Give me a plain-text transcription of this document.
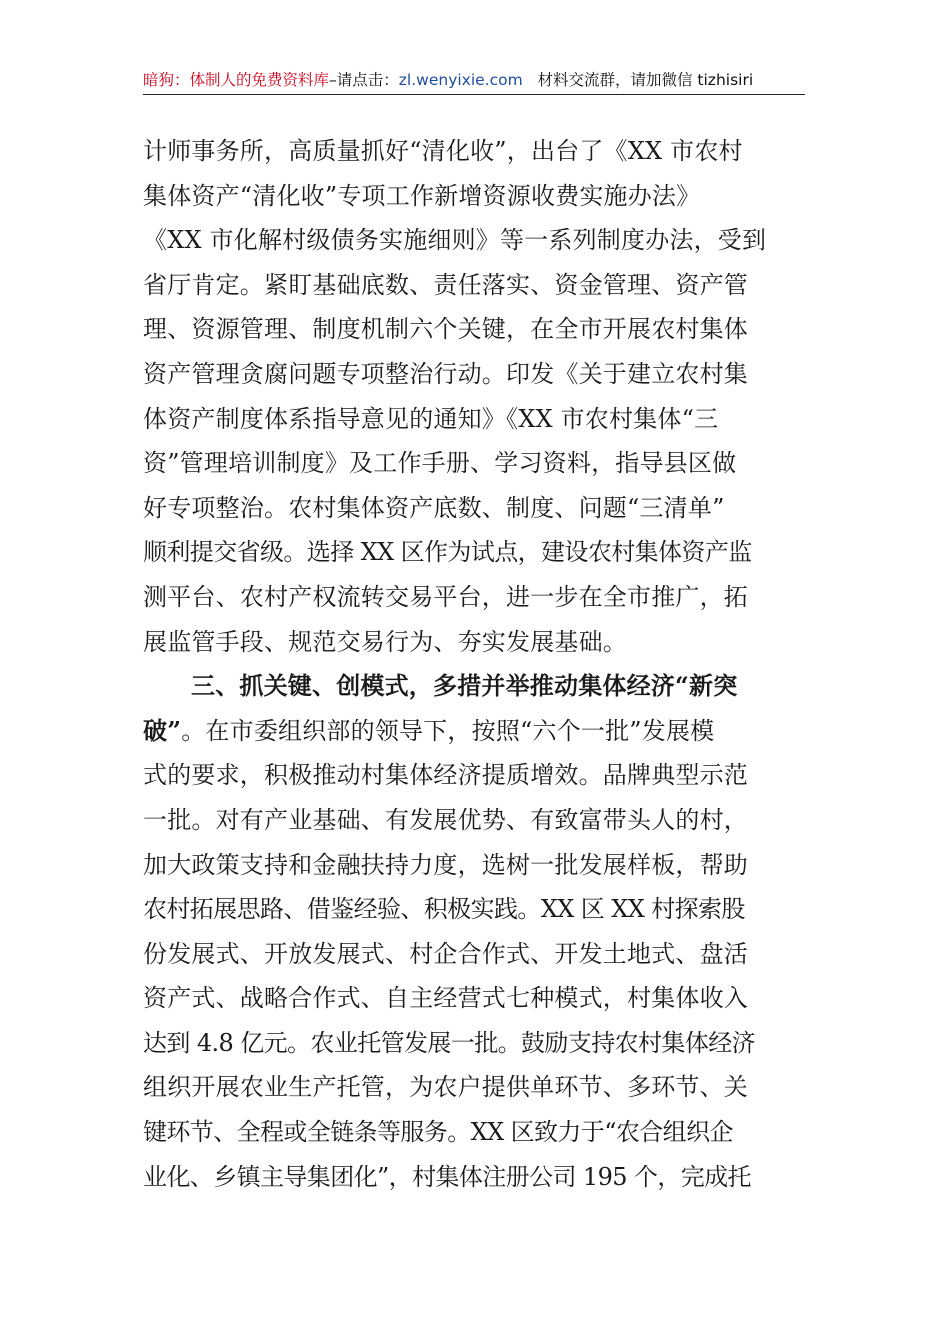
暗狗：体制人的免费资料库–请点击：zl.wenyixie.com 材料交流群，请加微信 tizhisiri
计师事务所，高质量抓好“清化收”，出台了《XX 市农村
集体资产“清化收”专项工作新增资源收费实施办法》
《XX 市化解村级债务实施细则》等一系列制度办法，受到
省厅肯定。紧盯基础底数、责任落实、资金管理、资产管
理、资源管理、制度机制六个关键，在全市开展农村集体
资产管理贪腐问题专项整治行动。印发《关于建立农村集
体资产制度体系指导意见的通知》《XX 市农村集体“三
资”管理培训制度》及工作手册、学习资料，指导县区做
好专项整治。农村集体资产底数、制度、问题“三清单”
顺利提交省级。选择 XX 区作为试点，建设农村集体资产监
测平台、农村产权流转交易平台，进一步在全市推广，拓
展监管手段、规范交易行为、夯实发展基础。
三、抓关键、创模式，多措并举推动集体经济“新突
破”。在市委组织部的领导下，按照“六个一批”发展模
式的要求，积极推动村集体经济提质增效。品牌典型示范
一批。对有产业基础、有发展优势、有致富带头人的村，
加大政策支持和金融扶持力度，选树一批发展样板，帮助
农村拓展思路、借鉴经验、积极实践。XX 区 XX 村探索股
份发展式、开放发展式、村企合作式、开发土地式、盘活
资产式、战略合作式、自主经营式七种模式，村集体收入
达到 4.8 亿元。农业托管发展一批。鼓励支持农村集体经济
组织开展农业生产托管，为农户提供单环节、多环节、关
键环节、全程或全链条等服务。XX 区致力于“农合组织企
业化、乡镇主导集团化”，村集体注册公司 195 个，完成托
